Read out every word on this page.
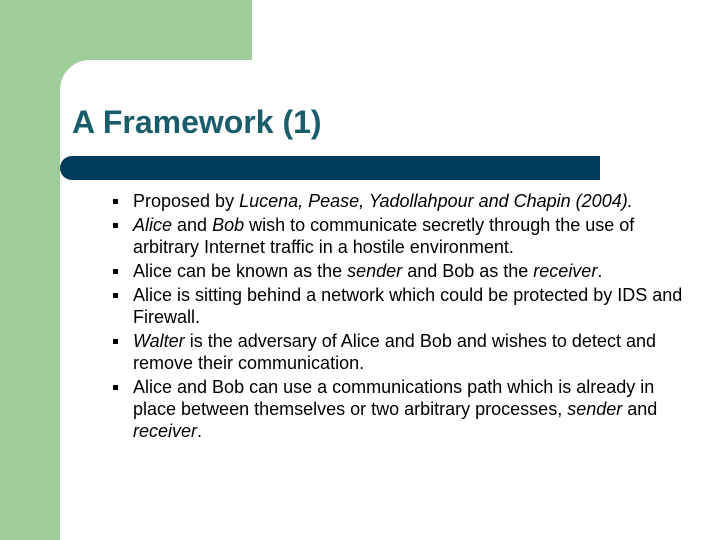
A Framework (1)
Proposed by Lucena, Pease, Yadollahpour and Chapin (2004).
Alice and Bob wish to communicate secretly through the use of arbitrary Internet traffic in a hostile environment.
Alice can be known as the sender and Bob as the receiver.
Alice is sitting behind a network which could be protected by IDS and Firewall.
Walter is the adversary of Alice and Bob and wishes to detect and remove their communication.
Alice and Bob can use a communications path which is already in place between themselves or two arbitrary processes, sender and receiver.
